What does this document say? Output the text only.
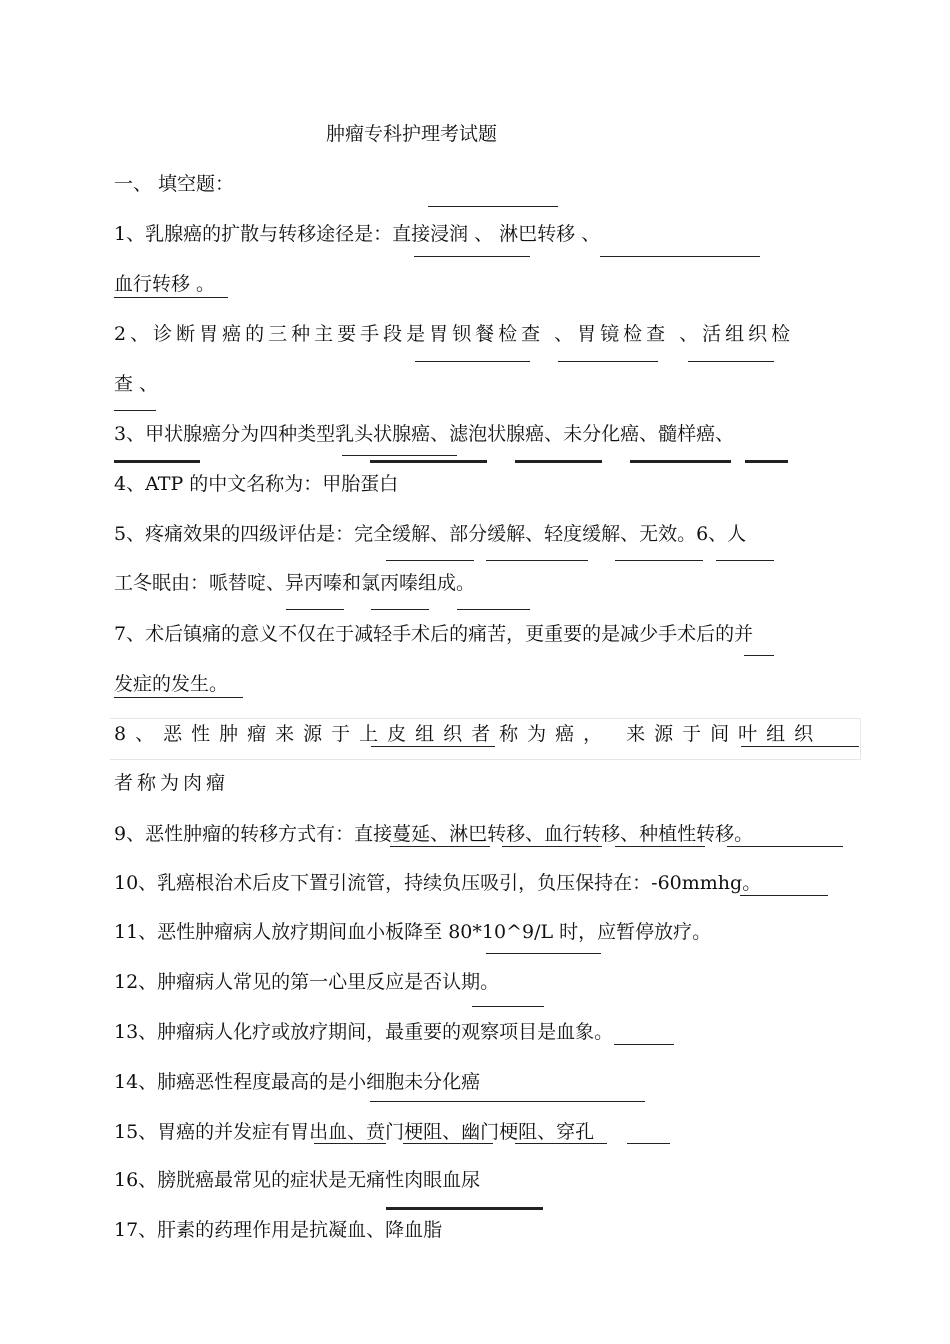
肿瘤专科护理考试题
一、 填空题：
1、乳腺癌的扩散与转移途径是：直接浸润 、 淋巴转移 、
血行转移 。
2、诊断胃癌的三种主要手段是胃钡餐检查 、胃镜检查 、活组织检
查 、
3、甲状腺癌分为四种类型乳头状腺癌、滤泡状腺癌、未分化癌、髓样癌、
4、ATP 的中文名称为：甲胎蛋白
5、疼痛效果的四级评估是：完全缓解、部分缓解、轻度缓解、无效。6、人
工冬眠由：哌替啶、异丙嗪和氯丙嗪组成。
7、术后镇痛的意义不仅在于减轻手术后的痛苦，更重要的是减少手术后的并
发症的发生。
8、恶性肿瘤来源于上皮组织者称为癌， 来源于间叶组织
者称为肉瘤
9、恶性肿瘤的转移方式有：直接蔓延、淋巴转移、血行转移、种植性转移。
10、乳癌根治术后皮下置引流管，持续负压吸引，负压保持在：-60mmhg。
11、恶性肿瘤病人放疗期间血小板降至 80*10^9/L 时，应暂停放疗。
12、肿瘤病人常见的第一心里反应是否认期。
13、肿瘤病人化疗或放疗期间，最重要的观察项目是血象。
14、肺癌恶性程度最高的是小细胞未分化癌
15、胃癌的并发症有胃出血、贲门梗阻、幽门梗阻、穿孔
16、膀胱癌最常见的症状是无痛性肉眼血尿
17、肝素的药理作用是抗凝血、降血脂
